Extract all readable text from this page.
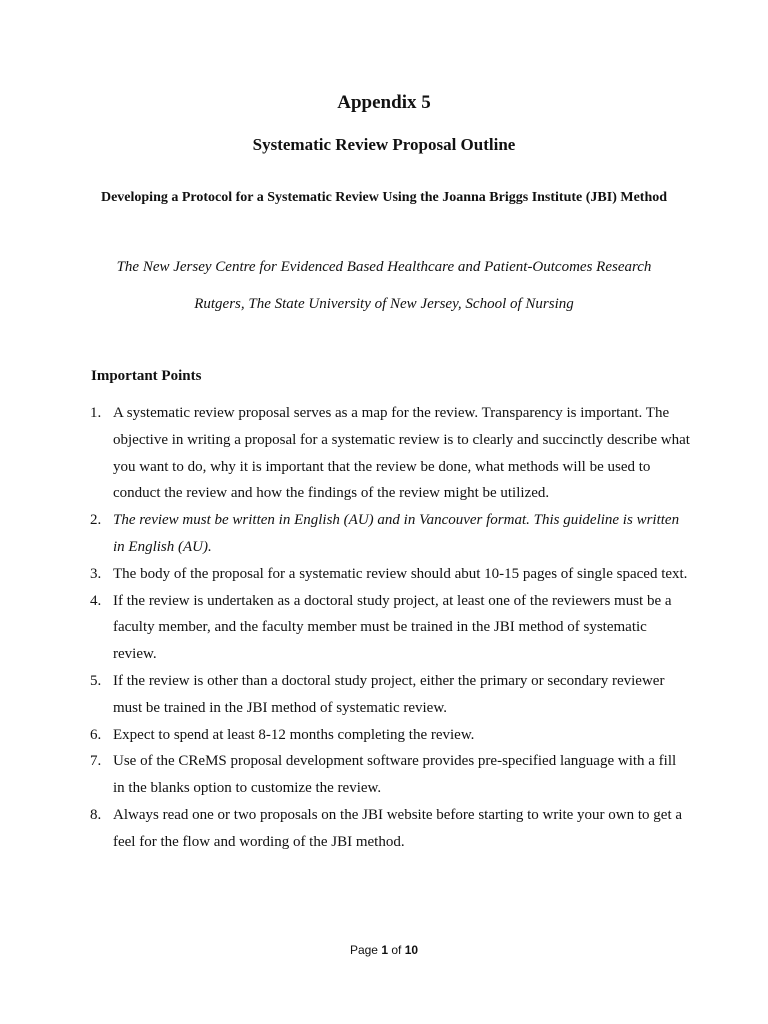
Appendix 5
Systematic Review Proposal Outline
Developing a Protocol for a Systematic Review Using the Joanna Briggs Institute (JBI) Method
The New Jersey Centre for Evidenced Based Healthcare and Patient-Outcomes Research
Rutgers, The State University of New Jersey, School of Nursing
Important Points
1. A systematic review proposal serves as a map for the review. Transparency is important. The objective in writing a proposal for a systematic review is to clearly and succinctly describe what you want to do, why it is important that the review be done, what methods will be used to conduct the review and how the findings of the review might be utilized.
2. The review must be written in English (AU) and in Vancouver format. This guideline is written in English (AU).
3. The body of the proposal for a systematic review should abut 10-15 pages of single spaced text.
4. If the review is undertaken as a doctoral study project, at least one of the reviewers must be a faculty member, and the faculty member must be trained in the JBI method of systematic review.
5. If the review is other than a doctoral study project, either the primary or secondary reviewer must be trained in the JBI method of systematic review.
6. Expect to spend at least 8-12 months completing the review.
7. Use of the CReMS proposal development software provides pre-specified language with a fill in the blanks option to customize the review.
8. Always read one or two proposals on the JBI website before starting to write your own to get a feel for the flow and wording of the JBI method.
Page 1 of 10
